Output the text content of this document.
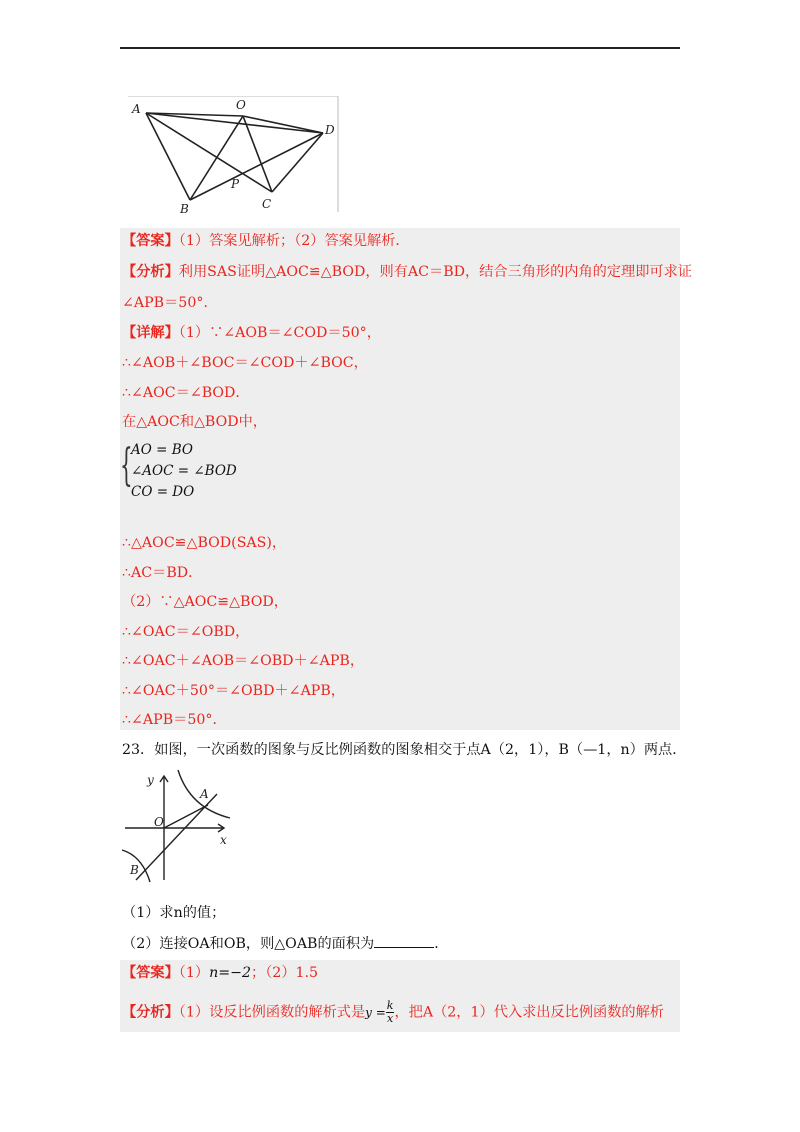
A	O
D
B
P
C
【答案】（1）答案见解析；（2）答案见解析．
【分析】利用SAS证明△AOC≌△BOD，则有AC＝BD，结合三角形的内角的定理即可求证
∠APB＝50°．
【详解】（1）∵∠AOB＝∠COD＝50°，
∴∠AOB＋∠BOC＝∠COD＋∠BOC，
∴∠AOC＝∠BOD．
在△AOC和△BOD中，
{
AO = BO
∠AOC = ∠BOD
CO = DO
∴△AOC≌△BOD(SAS)，
∴AC＝BD．
（2）∵△AOC≌△BOD，
∴∠OAC＝∠OBD，
∴∠OAC＋∠AOB＝∠OBD＋∠APB，
∴∠OAC＋50°＝∠OBD＋∠APB，
∴∠APB＝50°．
23．如图，一次函数的图象与反比例函数的图象相交于点A（2，1），B（—1，n）两点．
y
x
O
A
B
（1）求n的值；
（2）连接OA和OB，则△OAB的面积为	．
【答案】（1）n=−2；（2）1.5
【分析】（1）设反比例函数的解析式是$y = \frac{k}{x}$ ，把A（2，1）代入求出反比例函数的解析
